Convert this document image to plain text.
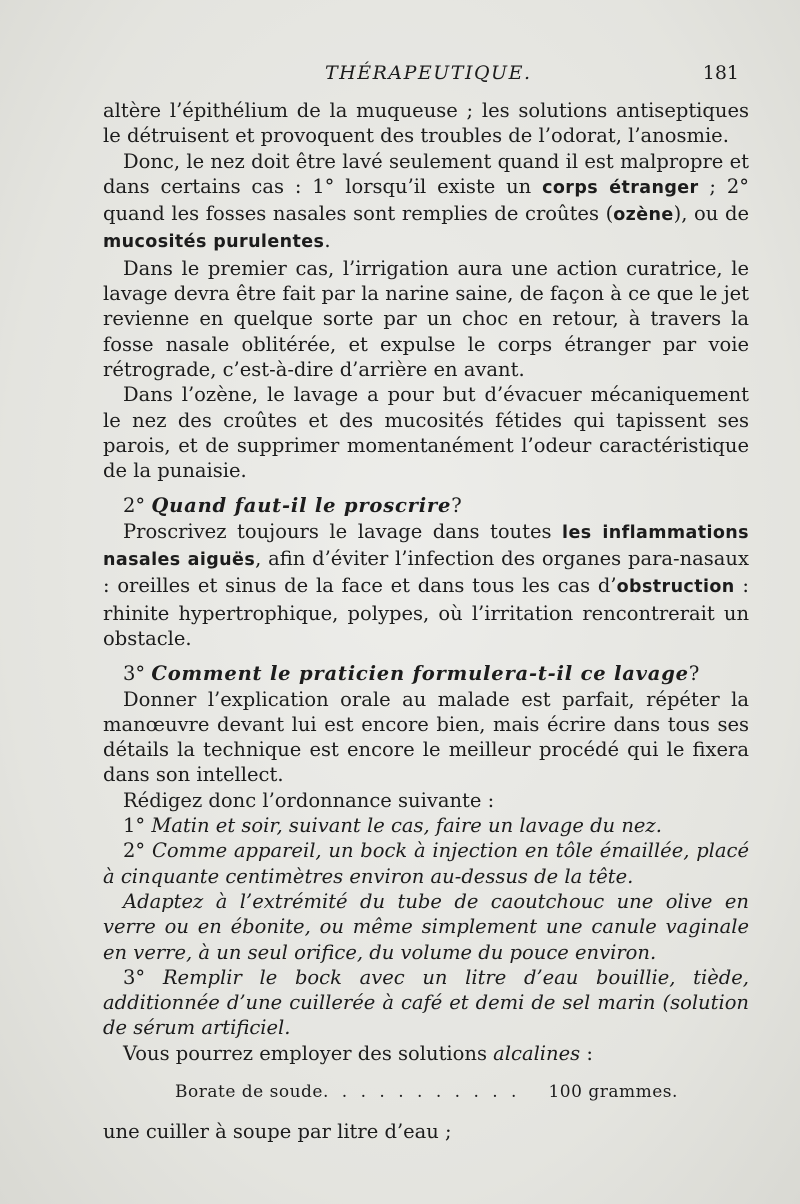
THÉRAPEUTIQUE.	181

altère l’épithélium de la muqueuse ; les solutions antiseptiques le détruisent et provoquent des troubles de l’odorat, l’anosmie.

Donc, le nez doit être lavé seulement quand il est malpropre et dans certains cas : 1° lorsqu’il existe un corps étranger ; 2° quand les fosses nasales sont remplies de croûtes (ozène), ou de mucosités purulentes.

Dans le premier cas, l’irrigation aura une action curatrice, le lavage devra être fait par la narine saine, de façon à ce que le jet revienne en quelque sorte par un choc en retour, à travers la fosse nasale oblitérée, et expulse le corps étranger par voie rétrograde, c’est-à-dire d’arrière en avant.

Dans l’ozène, le lavage a pour but d’évacuer mécaniquement le nez des croûtes et des mucosités fétides qui tapissent ses parois, et de supprimer momentanément l’odeur caractéristique de la punaisie.

2° Quand faut-il le proscrire?

Proscrivez toujours le lavage dans toutes les inflammations nasales aiguës, afin d’éviter l’infection des organes para-nasaux : oreilles et sinus de la face et dans tous les cas d’obstruction : rhinite hypertrophique, polypes, où l’irritation rencontrerait un obstacle.

3° Comment le praticien formulera-t-il ce lavage?

Donner l’explication orale au malade est parfait, répéter la manœuvre devant lui est encore bien, mais écrire dans tous ses détails la technique est encore le meilleur procédé qui le fixera dans son intellect.

Rédigez donc l’ordonnance suivante :

1° Matin et soir, suivant le cas, faire un lavage du nez.

2° Comme appareil, un bock à injection en tôle émaillée, placé à cinquante centimètres environ au-dessus de la tête.

Adaptez à l’extrémité du tube de caoutchouc une olive en verre ou en ébonite, ou même simplement une canule vaginale en verre, à un seul orifice, du volume du pouce environ.

3° Remplir le bock avec un litre d’eau bouillie, tiède, additionnée d’une cuillerée à café et demi de sel marin (solution de sérum artificiel.

Vous pourrez employer des solutions alcalines :

Borate de soude. . . . . . . . . . . 100 grammes.

une cuiller à soupe par litre d’eau ;
